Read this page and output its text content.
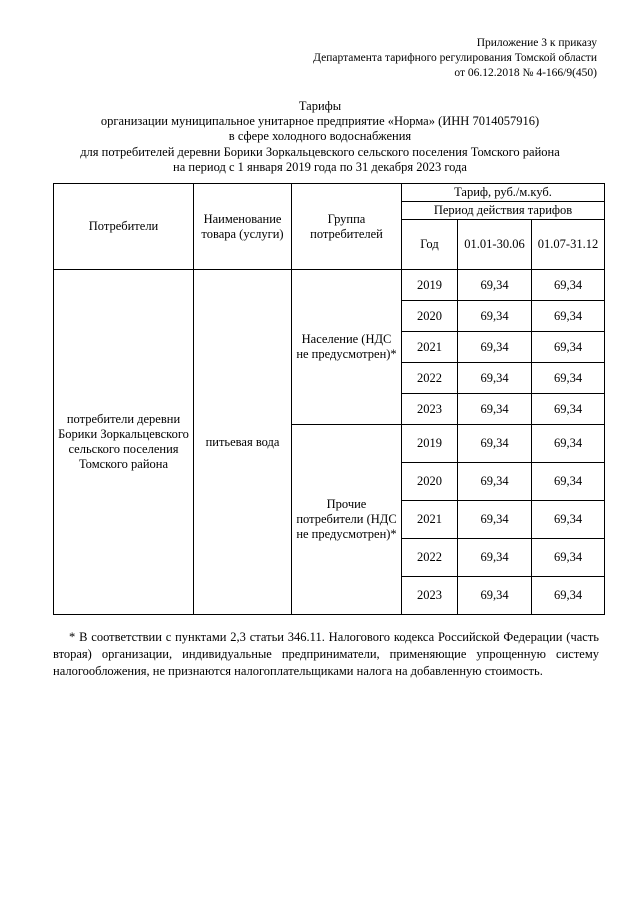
Приложение 3 к приказу
Департамента тарифного регулирования Томской области
от 06.12.2018 № 4-166/9(450)
Тарифы
организации муниципальное унитарное предприятие «Норма» (ИНН 7014057916)
в сфере холодного водоснабжения
для потребителей деревни Борики Зоркальцевского сельского поселения Томского района
на период с 1 января 2019 года по 31 декабря 2023 года
Потребители	Наименование товара (услуги)	Группа потребителей	Тариф, руб./м.куб.		
			Период действия тарифов		
			Год	01.01-30.06	01.07-31.12
потребители деревни Борики Зоркальцевского сельского поселения Томского района	питьевая вода	Население (НДС не предусмотрен)*	2019	69,34	69,34
			2020	69,34	69,34
			2021	69,34	69,34
			2022	69,34	69,34
			2023	69,34	69,34
		Прочие потребители (НДС не предусмотрен)*	2019	69,34	69,34
			2020	69,34	69,34
			2021	69,34	69,34
			2022	69,34	69,34
			2023	69,34	69,34
* В соответствии с пунктами 2,3 статьи 346.11. Налогового кодекса Российской Федерации (часть вторая) организации, индивидуальные предприниматели, применяющие упрощенную систему налогообложения, не признаются налогоплательщиками налога на добавленную стоимость.
